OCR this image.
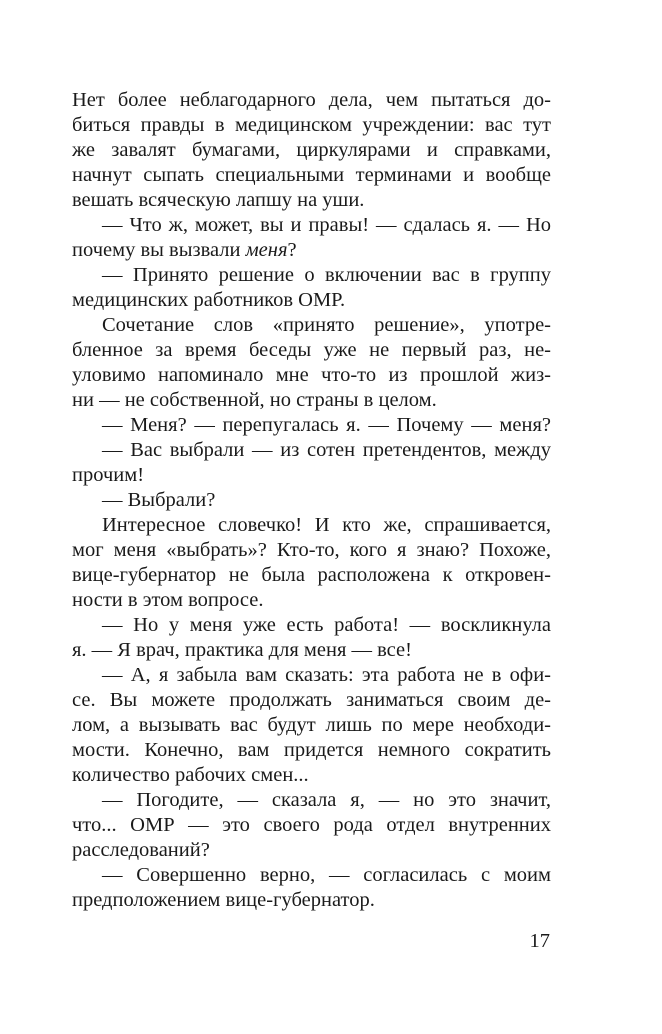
Нет более неблагодарного дела, чем пытаться до-
биться правды в медицинском учреждении: вас тут
же завалят бумагами, циркулярами и справками,
начнут сыпать специальными терминами и вообще
вешать всяческую лапшу на уши.
— Что ж, может, вы и правы! — сдалась я. — Но
почему вы вызвали меня?
— Принято решение о включении вас в группу
медицинских работников ОМР.
Сочетание слов «принято решение», употре-
бленное за время беседы уже не первый раз, не-
уловимо напоминало мне что-то из прошлой жиз-
ни — не собственной, но страны в целом.
— Меня? — перепугалась я. — Почему — меня?
— Вас выбрали — из сотен претендентов, между
прочим!
— Выбрали?
Интересное словечко! И кто же, спрашивается,
мог меня «выбрать»? Кто-то, кого я знаю? Похоже,
вице-губернатор не была расположена к откровен-
ности в этом вопросе.
— Но у меня уже есть работа! — воскликнула
я. — Я врач, практика для меня — все!
— А, я забыла вам сказать: эта работа не в офи-
се. Вы можете продолжать заниматься своим де-
лом, а вызывать вас будут лишь по мере необходи-
мости. Конечно, вам придется немного сократить
количество рабочих смен...
— Погодите, — сказала я, — но это значит,
что... ОМР — это своего рода отдел внутренних
расследований?
— Совершенно верно, — согласилась с моим
предположением вице-губернатор.
17
